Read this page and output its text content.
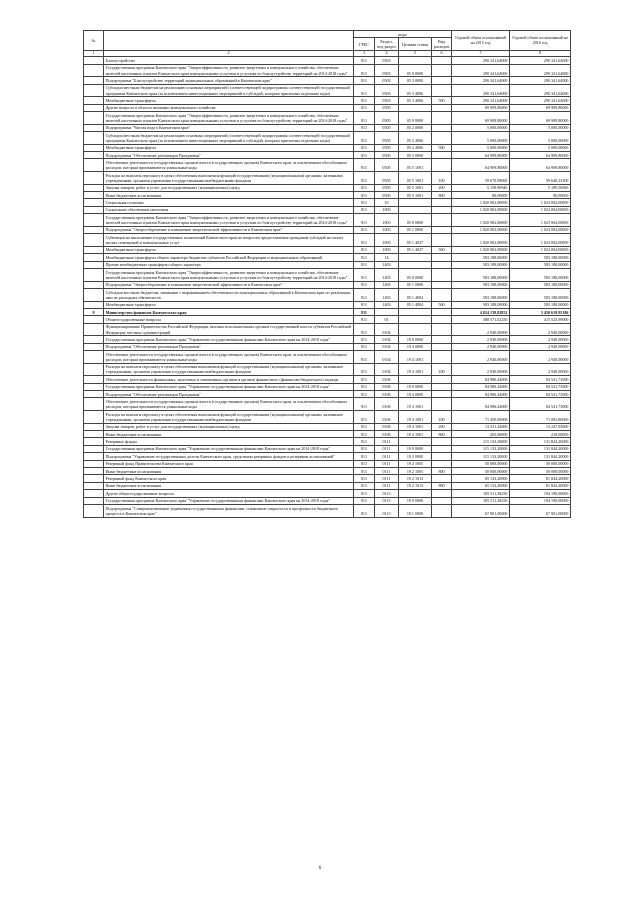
№		коды				Годовой объем ассигнований на 2015 год	Годовой объем ассигнований на 2016 год
		ГРБС	Раздел, под-раздел	Целевая статья	Вид расходов		
1	2	3	4	5	6	7	8
	Благоустройство	811	0503			290 341,64000	290 341,64000
	Государственная программа Камчатского края "Энергоэффективность, развитие энергетики и коммунального хозяйства, обеспечение жителей населенных пунктов Камчатского края коммунальными услугами и услугами по благоустройству территорий на 2014-2018 годы"	811	0503	05 0 0000		290 341,64000	290 341,64000
	Подпрограмма "Благоустройство территорий муниципальных образований в Камчатском крае"	811	0503	05 3 0000		290 341,64000	290 341,64000
	Субсидии местным бюджетам на реализацию основных мероприятий (соответствующей подпрограммы соответствующей государственной программы Камчатского края (за исключением инвестиционных мероприятий и субсидий, которым присвоены отдельные коды)	811	0503	05 3 4006		290 341,64000	290 341,64000
	Межбюджетные трансферты	811	0503	05 3 4006	500	290 341,64000	290 341,64000
	Другие вопросы в области жилищно-коммунального хозяйства	811	0505			69 909,80000	69 909,80000
	Государственная программа Камчатского края "Энергоэффективность, развитие энергетики и коммунального хозяйства, обеспечение жителей населенных пунктов Камчатского края коммунальными услугами и услугами по благоустройству территорий на 2014-2018 годы"	811	0505	05 0 0000		69 909,80000	69 909,80000
	Подпрограмма "Чистая вода в Камчатском крае"	811	0505	05 2 0000		5 000,00000	5 000,00000
	Субсидии местным бюджетам на реализацию основных мероприятий (соответствующей подпрограммы соответствующей государственной программы Камчатского края (за исключением инвестиционных мероприятий и субсидий, которым присвоены отдельные коды)	811	0505	05 2 4006		5 000,00000	5 000,00000
	Межбюджетные трансферты	811	0505	05 2 4006	500	5 000,00000	5 000,00000
	Подпрограмма "Обеспечение реализации Программы"	811	0505	05 5 0000		64 909,80000	64 909,80000
	Обеспечение деятельности государственных органов власти (государственных органов) Камчатского края, за исключением обособленных расходов, которым присваиваются уникальные коды	811	0505	05 5 1001		64 909,80000	64 909,80000
	Расходы на выплаты персоналу в целях обеспечения выполнения функций государственными (муниципальными) органами, казенными учреждениями, органами управления государственными внебюджетными фондами	811	0505	05 5 1001	100	59 670,99060	59 640,23100
	Закупка товаров, работ и услуг для государственных (муниципальных) нужд	811	0505	05 5 1001	200	5 158,90940	5 189,56900
	Иные бюджетные ассигнования	811	0505	05 5 1001	800	80,00000	80,00000
	Социальная политика	811	10			1 020 902,00000	1 023 004,00000
	Социальное обеспечение населения	811	1003			1 020 902,00000	1 023 004,00000
	Государственная программа Камчатского края "Энергоэффективность, развитие энергетики и коммунального хозяйства, обеспечение жителей населенных пунктов Камчатского края коммунальными услугами и услугами по благоустройству территорий на 2014-2018 годы"	811	1003	05 0 0000		1 020 902,00000	1 023 004,00000
	Подпрограмма "Энергосбережение и повышение энергетической эффективности в Камчатском крае"	811	1003	05 1 0000		1 020 902,00000	1 023 004,00000
	Субвенции на выполнение государственных полномочий Камчатского края по вопросам предоставления гражданам субсидий на оплату жилых помещений и коммунальных услуг	811	1003	05 1 4027		1 020 902,00000	1 023 004,00000
	Межбюджетные трансферты	811	1003	05 1 4027	500	1 020 902,00000	1 023 004,00000
	Межбюджетные трансферты общего характера бюджетам субъектов Российской Федерации и муниципальных образований	811	14			583 188,00000	583 188,00000
	Прочие межбюджетные трансферты общего характера	811	1403			583 188,00000	583 188,00000
	Государственная программа Камчатского края "Энергоэффективность, развитие энергетики и коммунального хозяйства, обеспечение жителей населенных пунктов Камчатского края коммунальными услугами и услугами по благоустройству территорий на 2014-2018 годы"	811	1403	05 0 0000		583 188,00000	583 188,00000
	Подпрограмма "Энергосбережение и повышение энергетической эффективности в Камчатском крае"	811	1403	05 1 0000		583 188,00000	583 188,00000
	Субсидии местным бюджетам, связанные с выравниванием обеспеченности муниципальных образований в Камчатском крае по реализации ими их расходных обязательств	811	1403	05 1 4004		583 188,00000	583 188,00000
	Межбюджетные трансферты	811	1403	05 1 4004	500	583 188,00000	583 188,00000
9	Министерство финансов Камчатского края	811				4 824 138,82852	5 450 619,95186
	Общегосударственные вопросы	811	01			388 571,02250	415 525,99000
	Функционирование Правительства Российской Федерации, высших исполнительных органов государственной власти субъектов Российской Федерации, местных администраций	811	0104			2 940,00000	2 940,00000
	Государственная программа Камчатского края "Управление государственными финансами Камчатского края на 2014-2018 годы"	811	0104	19 0 0000		2 940,00000	2 940,00000
	Подпрограмма "Обеспечение реализации Программы"	811	0104	19 4 0000		2 940,00000	2 940,00000
	Обеспечение деятельности государственных органов власти (государственных органов) Камчатского края, за исключением обособленных расходов, которым присваиваются уникальные коды	811	0104	19 4 1001		2 940,00000	2 940,00000
	Расходы на выплаты персоналу в целях обеспечения выполнения функций государственными (муниципальными) органами, казенными учреждениями, органами управления государственными внебюджетными фондами	811	0104	19 4 1001	100	2 940,00000	2 940,00000
	Обеспечение деятельности финансовых, налоговых и таможенных органов и органов финансового (финансово-бюджетного) надзора	811	0106			84 986,44000	84 541,73000
	Государственная программа Камчатского края "Управление государственными финансами Камчатского края на 2014-2018 годы"	811	0106	19 0 0000		84 986,44000	84 541,73000
	Подпрограмма "Обеспечение реализации Программы"	811	0106	19 4 0000		84 986,44000	84 541,73000
	Обеспечение деятельности государственных органов власти (государственных органов) Камчатского края, за исключением обособленных расходов, которым присваиваются уникальные коды	811	0106	19 4 1001		84 986,44000	84 541,73000
	Расходы на выплаты персоналу в целях обеспечения выполнения функций государственными (муниципальными) органами, казенными учреждениями, органами управления государственными внебюджетными фондами	811	0106	19 4 1001	100	71 450,00000	71 083,80000
	Закупка товаров, работ и услуг для государственных (муниципальных) нужд	811	0106	19 4 1001	200	13 331,44000	13 247,93000
	Иные бюджетные ассигнования	811	0106	19 4 1001	800	205,00000	210,00000
	Резервные фонды	811	0111			115 133,20000	131 844,20000
	Государственная программа Камчатского края "Управление государственными финансами Камчатского края на 2014-2018 годы"	811	0111	19 0 0000		115 133,20000	131 844,20000
	Подпрограмма "Управление государственным долгом Камчатского края, средствами резервных фондов и резервами ассигнований"	811	0111	19 2 0000		115 133,20000	131 844,20000
	Резервный фонд Правительства Камчатского края	811	0111	19 2 1005		50 000,00000	50 000,00000
	Иные бюджетные ассигнования	811	0111	19 2 1005	800	50 000,00000	50 000,00000
	Резервный фонд Камчатского края	811	0111	19 2 1013		65 133,20000	81 844,20000
	Иные бюджетные ассигнования	811	0111	19 2 1013	800	65 133,20000	81 844,20000
	Другие общегосударственные вопросы	811	0113			185 511,38250	194 190,00000
	Государственная программа Камчатского края "Управление государственными финансами Камчатского края на 2014-2018 годы"	811	0113	19 0 0000		185 511,38250	194 190,00000
	Подпрограмма "Совершенствование управления государственными финансами, повышение открытости и прозрачности бюджетного процесса в Камчатском крае"	811	0113	19 1 0000		67 901,00000	67 901,00000
6
